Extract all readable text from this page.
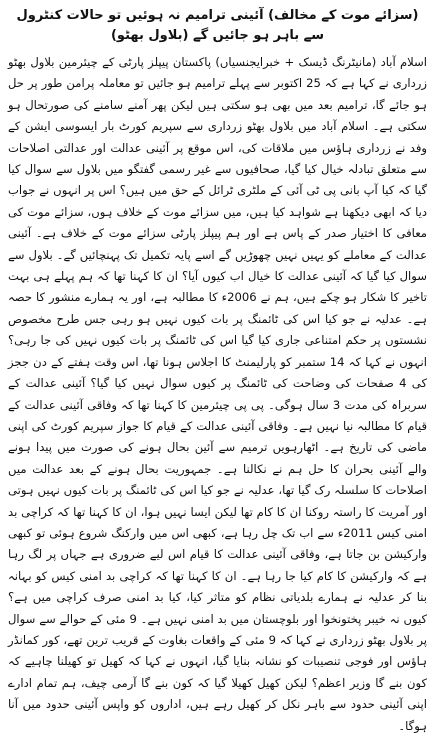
(سزائے موت کے مخالف) آئینی ترامیم نہ ہوئیں تو حالات کنٹرول سے باہر ہو جائیں گے (بلاول بھٹو)

اسلام آباد (مانیٹرنگ ڈیسک + خبرایجنسیاں) پاکستان پیپلز پارٹی کے چیئرمین بلاول بھٹو زرداری نے کہا ہے کہ 25 اکتوبر سے پہلے ترامیم ہو جائیں تو معاملہ پرامن طور پر حل ہو جائے گا، ترامیم بعد میں بھی ہو سکتی ہیں لیکن پھر آمنے سامنے کی صورتحال ہو سکتی ہے۔ اسلام آباد میں بلاول بھٹو زرداری سے سپریم کورٹ بار ایسوسی ایشن کے وفد نے زرداری ہاؤس میں ملاقات کی، اس موقع پر آئینی عدالت اور عدالتی اصلاحات سے متعلق تبادلہ خیال کیا گیا، صحافیوں سے غیر رسمی گفتگو میں بلاول سے سوال کیا گیا کہ کیا آپ بانی پی ٹی آئی کے ملٹری ٹرائل کے حق میں ہیں؟ اس پر انہوں نے جواب دیا کہ ابھی دیکھنا ہے شواہد کیا ہیں، میں سزائے موت کے خلاف ہوں، سزائے موت کی معافی کا اختیار صدر کے پاس ہے اور ہم پیپلز پارٹی سزائے موت کے خلاف ہے۔ آئینی عدالت کے معاملے کو یہیں نہیں چھوڑیں گے اسے پایہ تکمیل تک پہنچائیں گے۔ بلاول سے سوال کیا گیا کہ آئینی عدالت کا خیال اب کیوں آیا؟ ان کا کہنا تھا کہ ہم پہلے ہی بہت تاخیر کا شکار ہو چکے ہیں، ہم نے 2006ء کا مطالبہ ہے، اور یہ ہمارے منشور کا حصہ ہے۔ عدلیہ نے جو کیا اس کی ٹائمنگ پر بات کیوں نہیں ہو رہی جس طرح مخصوص نشستوں پر حکم امتناعی جاری کیا گیا اس کی ٹائمنگ پر بات کیوں نہیں کی جا رہی؟ انہوں نے کہا کہ 14 ستمبر کو پارلیمنٹ کا اجلاس ہونا تھا، اس وقت ہفتے کے دن ججز کی 4 صفحات کی وضاحت کی ٹائمنگ پر کیوں سوال نہیں کیا گیا؟ آئینی عدالت کے سربراہ کی مدت 3 سال ہوگی۔ پی پی چیئرمین کا کہنا تھا کہ وفاقی آئینی عدالت کے قیام کا مطالبہ نیا نہیں ہے۔ وفاقی آئینی عدالت کے قیام کا جواز سپریم کورٹ کی اپنی ماضی کی تاریخ ہے۔ اٹھارہویں ترمیم سے آئین بحال ہونے کی صورت میں پیدا ہونے والے آئینی بحران کا حل ہم نے نکالنا ہے۔ جمہوریت بحال ہونے کے بعد عدالت میں اصلاحات کا سلسلہ رک گیا تھا، عدلیہ نے جو کیا اس کی ٹائمنگ پر بات کیوں نہیں ہوتی اور آمریت کا راستہ روکنا ان کا کام تھا لیکن ایسا نہیں ہوا، ان کا کہنا تھا کہ کراچی بد امنی کیس 2011ء سے اب تک چل رہا ہے، کبھی اس میں وارکنگ شروع ہوئی تو کبھی وارکیشن بن جاتا ہے، وفاقی آئینی عدالت کا قیام اس لیے ضروری ہے جہاں پر لگ رہا ہے کہ وارکیشن کا کام کیا جا رہا ہے۔ ان کا کہنا تھا کہ کراچی بد امنی کیس کو بہانہ بنا کر عدلیہ نے ہمارے بلدیاتی نظام کو متاثر کیا، کیا بد امنی صرف کراچی میں ہے؟ کیوں نہ خیبر پختونخوا اور بلوچستان میں بد امنی نہیں ہے۔ 9 مئی کے حوالے سے سوال پر بلاول بھٹو زرداری نے کہا کہ 9 مئی کے واقعات بغاوت کے قریب ترین تھے، کور کمانڈر ہاؤس اور فوجی تنصیبات کو نشانہ بنایا گیا، انہوں نے کہا کہ کھیل تو کھیلنا چاہیے کہ کون بنے گا وزیر اعظم؟ لیکن کھیل کھیلا گیا کہ کون بنے گا آرمی چیف، ہم تمام ادارے اپنی آئینی حدود سے باہر نکل کر کھیل رہے ہیں، اداروں کو واپس آئینی حدود میں آنا ہوگا۔
